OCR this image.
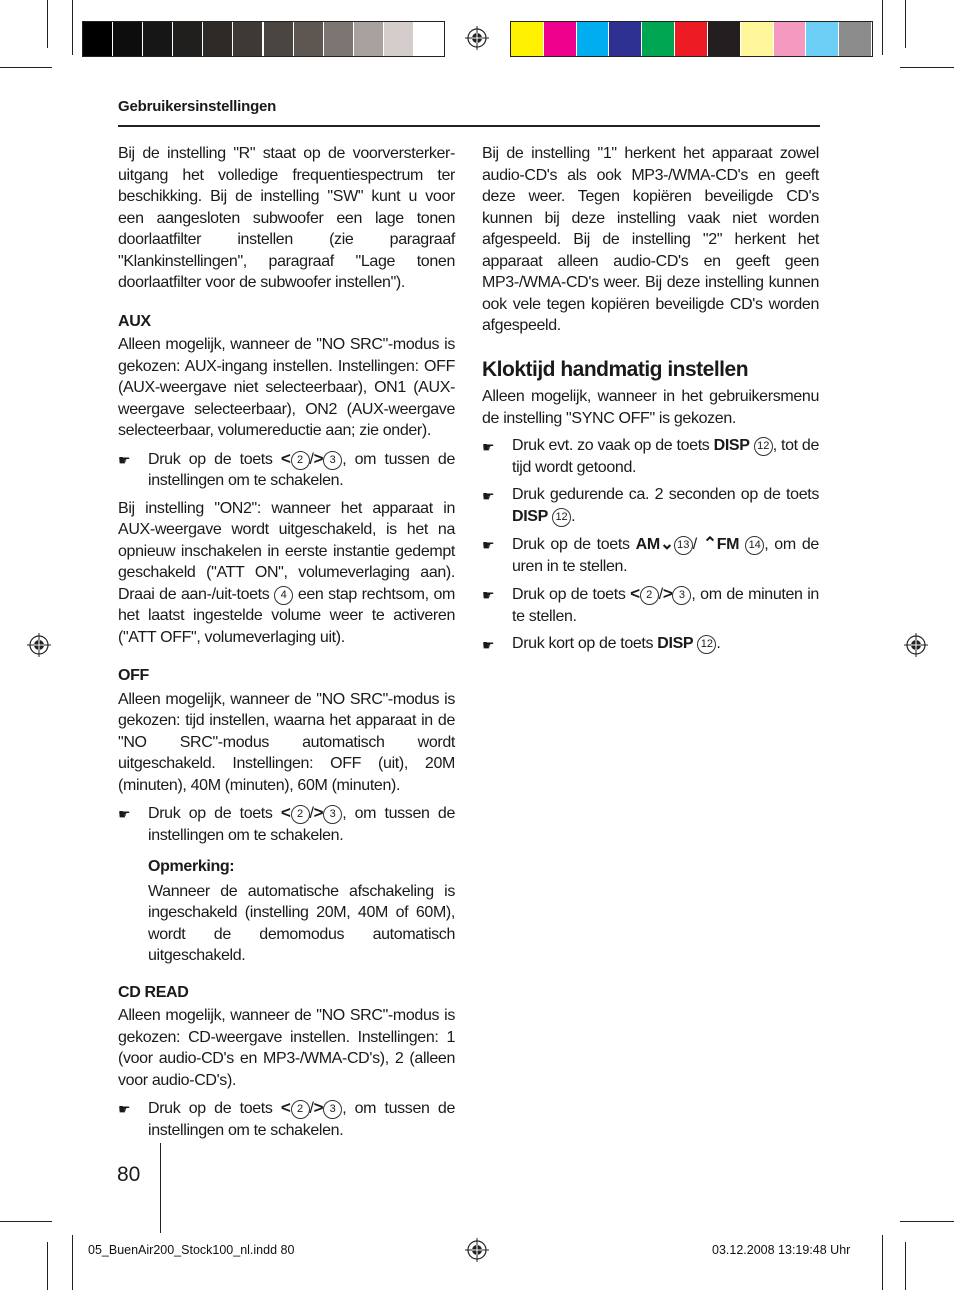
Gebruikersinstellingen

Bij de instelling "R" staat op de voorversterker-uitgang het volledige frequentiespectrum ter beschikking. Bij de instelling "SW" kunt u voor een aangesloten subwoofer een lage tonen doorlaatfilter instellen (zie paragraaf "Klankinstellingen", paragraaf "Lage tonen doorlaatfilter voor de subwoofer instellen").

AUX

Alleen mogelijk, wanneer de "NO SRC"-modus is gekozen: AUX-ingang instellen. Instellingen: OFF (AUX-weergave niet selecteerbaar), ON1 (AUX-weergave selecteerbaar), ON2 (AUX-weergave selecteerbaar, volumereductie aan; zie onder).

☛ Druk op de toets < 2 /> 3 , om tussen de instellingen om te schakelen.

Bij instelling "ON2": wanneer het apparaat in AUX-weergave wordt uitgeschakeld, is het na opnieuw inschakelen in eerste instantie gedempt geschakeld ("ATT ON", volumeverlaging aan). Draai de aan-/uit-toets 4 een stap rechtsom, om het laatst ingestelde volume weer te activeren ("ATT OFF", volumeverlaging uit).

OFF

Alleen mogelijk, wanneer de "NO SRC"-modus is gekozen: tijd instellen, waarna het apparaat in de "NO SRC"-modus automatisch wordt uitgeschakeld. Instellingen: OFF (uit), 20M (minuten), 40M (minuten), 60M (minuten).

☛ Druk op de toets < 2 /> 3 , om tussen de instellingen om te schakelen.

Opmerking:

Wanneer de automatische afschakeling is ingeschakeld (instelling 20M, 40M of 60M), wordt de demomodus automatisch uitgeschakeld.

CD READ

Alleen mogelijk, wanneer de "NO SRC"-modus is gekozen: CD-weergave instellen. Instellingen: 1 (voor audio-CD's en MP3-/WMA-CD's), 2 (alleen voor audio-CD's).

☛ Druk op de toets < 2 /> 3 , om tussen de instellingen om te schakelen.

Bij de instelling "1" herkent het apparaat zowel audio-CD's als ook MP3-/WMA-CD's en geeft deze weer. Tegen kopiëren beveiligde CD's kunnen bij deze instelling vaak niet worden afgespeeld. Bij de instelling "2" herkent het apparaat alleen audio-CD's en geeft geen MP3-/WMA-CD's weer. Bij deze instelling kunnen ook vele tegen kopiëren beveiligde CD's worden afgespeeld.

Kloktijd handmatig instellen

Alleen mogelijk, wanneer in het gebruikersmenu de instelling "SYNC OFF" is gekozen.

☛ Druk evt. zo vaak op de toets DISP 12 , tot de tijd wordt getoond.

☛ Druk gedurende ca. 2 seconden op de toets DISP 12 .

☛ Druk op de toets AM⌄ 13 / ⌃FM 14 , om de uren in te stellen.

☛ Druk op de toets < 2 /> 3 , om de minuten in te stellen.

☛ Druk kort op de toets DISP 12 .

80
05_BuenAir200_Stock100_nl.indd 80	03.12.2008 13:19:48 Uhr
